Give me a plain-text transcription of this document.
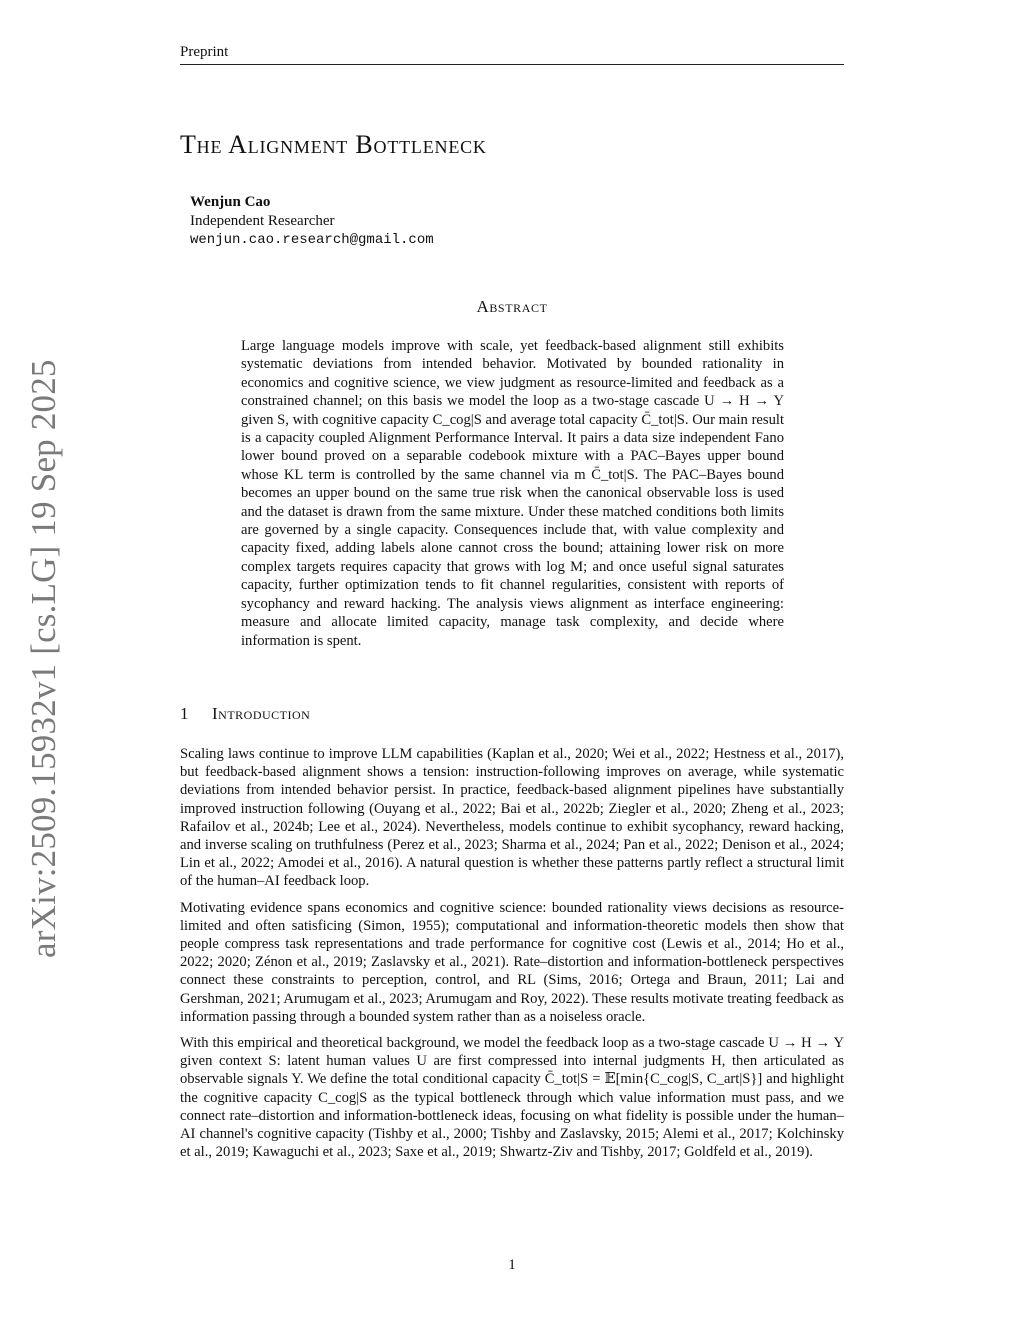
Preprint
arXiv:2509.15932v1 [cs.LG] 19 Sep 2025
The Alignment Bottleneck
Wenjun Cao
Independent Researcher
wenjun.cao.research@gmail.com
Abstract

Large language models improve with scale, yet feedback-based alignment still exhibits systematic deviations from intended behavior. Motivated by bounded rationality in economics and cognitive science, we view judgment as resource-limited and feedback as a constrained channel; on this basis we model the loop as a two-stage cascade U → H → Y given S, with cognitive capacity C_cog|S and average total capacity C̄_tot|S. Our main result is a capacity coupled Alignment Performance Interval. It pairs a data size independent Fano lower bound proved on a separable codebook mixture with a PAC–Bayes upper bound whose KL term is controlled by the same channel via m C̄_tot|S. The PAC–Bayes bound becomes an upper bound on the same true risk when the canonical observable loss is used and the dataset is drawn from the same mixture. Under these matched conditions both limits are governed by a single capacity. Consequences include that, with value complexity and capacity fixed, adding labels alone cannot cross the bound; attaining lower risk on more complex targets requires capacity that grows with log M; and once useful signal saturates capacity, further optimization tends to fit channel regularities, consistent with reports of sycophancy and reward hacking. The analysis views alignment as interface engineering: measure and allocate limited capacity, manage task complexity, and decide where information is spent.

1 Introduction

Scaling laws continue to improve LLM capabilities (Kaplan et al., 2020; Wei et al., 2022; Hestness et al., 2017), but feedback-based alignment shows a tension: instruction-following improves on average, while systematic deviations from intended behavior persist. In practice, feedback-based alignment pipelines have substantially improved instruction following (Ouyang et al., 2022; Bai et al., 2022b; Ziegler et al., 2020; Zheng et al., 2023; Rafailov et al., 2024b; Lee et al., 2024). Nevertheless, models continue to exhibit sycophancy, reward hacking, and inverse scaling on truthfulness (Perez et al., 2023; Sharma et al., 2024; Pan et al., 2022; Denison et al., 2024; Lin et al., 2022; Amodei et al., 2016). A natural question is whether these patterns partly reflect a structural limit of the human–AI feedback loop.

Motivating evidence spans economics and cognitive science: bounded rationality views decisions as resource-limited and often satisficing (Simon, 1955); computational and information-theoretic models then show that people compress task representations and trade performance for cognitive cost (Lewis et al., 2014; Ho et al., 2022; 2020; Zénon et al., 2019; Zaslavsky et al., 2021). Rate–distortion and information-bottleneck perspectives connect these constraints to perception, control, and RL (Sims, 2016; Ortega and Braun, 2011; Lai and Gershman, 2021; Arumugam et al., 2023; Arumugam and Roy, 2022). These results motivate treating feedback as information passing through a bounded system rather than as a noiseless oracle.

With this empirical and theoretical background, we model the feedback loop as a two-stage cascade U → H → Y given context S: latent human values U are first compressed into internal judgments H, then articulated as observable signals Y. We define the total conditional capacity C̄_tot|S = 𝔼[min{C_cog|S, C_art|S}] and highlight the cognitive capacity C_cog|S as the typical bottleneck through which value information must pass, and we connect rate–distortion and information-bottleneck ideas, focusing on what fidelity is possible under the human–AI channel's cognitive capacity (Tishby et al., 2000; Tishby and Zaslavsky, 2015; Alemi et al., 2017; Kolchinsky et al., 2019; Kawaguchi et al., 2023; Saxe et al., 2019; Shwartz-Ziv and Tishby, 2017; Goldfeld et al., 2019).

1
